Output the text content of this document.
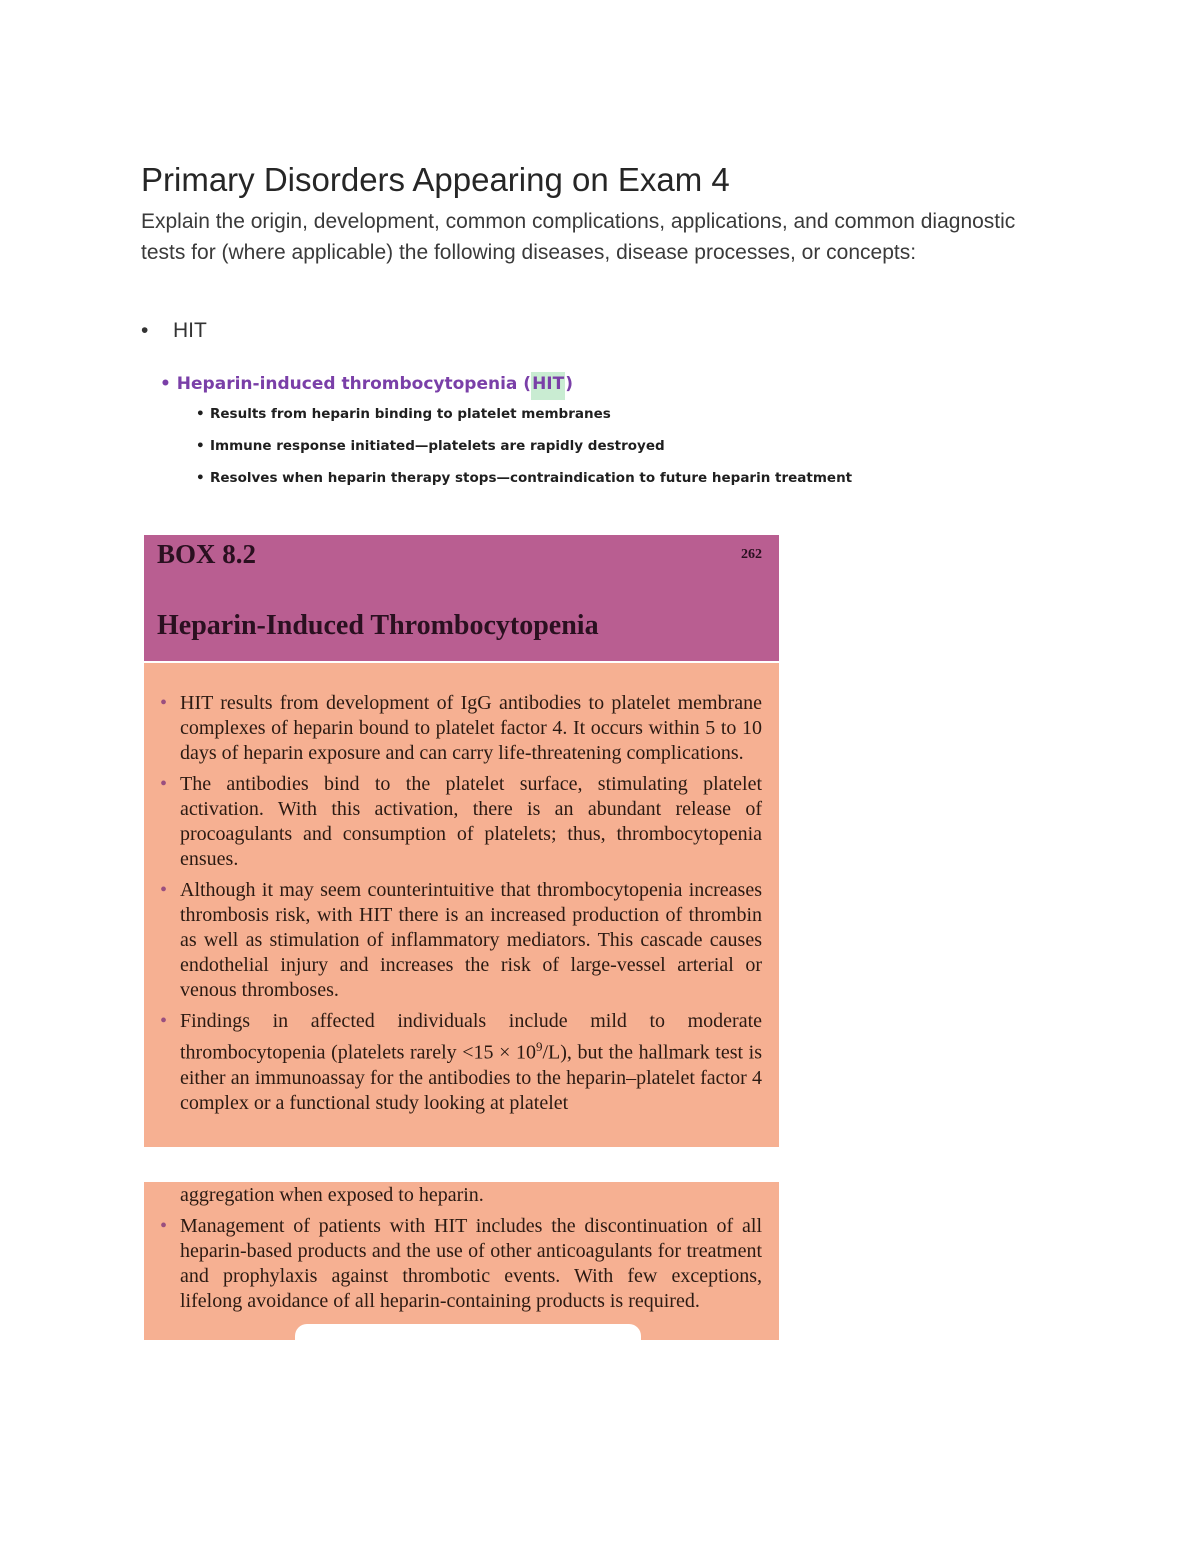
Primary Disorders Appearing on Exam 4

Explain the origin, development, common complications, applications, and common diagnostic tests for (where applicable) the following diseases, disease processes, or concepts:

• HIT
• Heparin-induced thrombocytopenia (HIT)
• Results from heparin binding to platelet membranes
• Immune response initiated—platelets are rapidly destroyed
• Resolves when heparin therapy stops—contraindication to future heparin treatment
BOX 8.2	262
Heparin-Induced Thrombocytopenia

• HIT results from development of IgG antibodies to platelet membrane complexes of heparin bound to platelet factor 4. It occurs within 5 to 10 days of heparin exposure and can carry life-threatening complications.

• The antibodies bind to the platelet surface, stimulating platelet activation. With this activation, there is an abundant release of procoagulants and consumption of platelets; thus, thrombocytopenia ensues.

• Although it may seem counterintuitive that thrombocytopenia increases thrombosis risk, with HIT there is an increased production of thrombin as well as stimulation of inflammatory mediators. This cascade causes endothelial injury and increases the risk of large-vessel arterial or venous thromboses.

• Findings in affected individuals include mild to moderate thrombocytopenia (platelets rarely $<15 \times 10^9/L$), but the hallmark test is either an immunoassay for the antibodies to the heparin–platelet factor 4 complex or a functional study looking at platelet

aggregation when exposed to heparin.

• Management of patients with HIT includes the discontinuation of all heparin-based products and the use of other anticoagulants for treatment and prophylaxis against thrombotic events. With few exceptions, lifelong avoidance of all heparin-containing products is required.
